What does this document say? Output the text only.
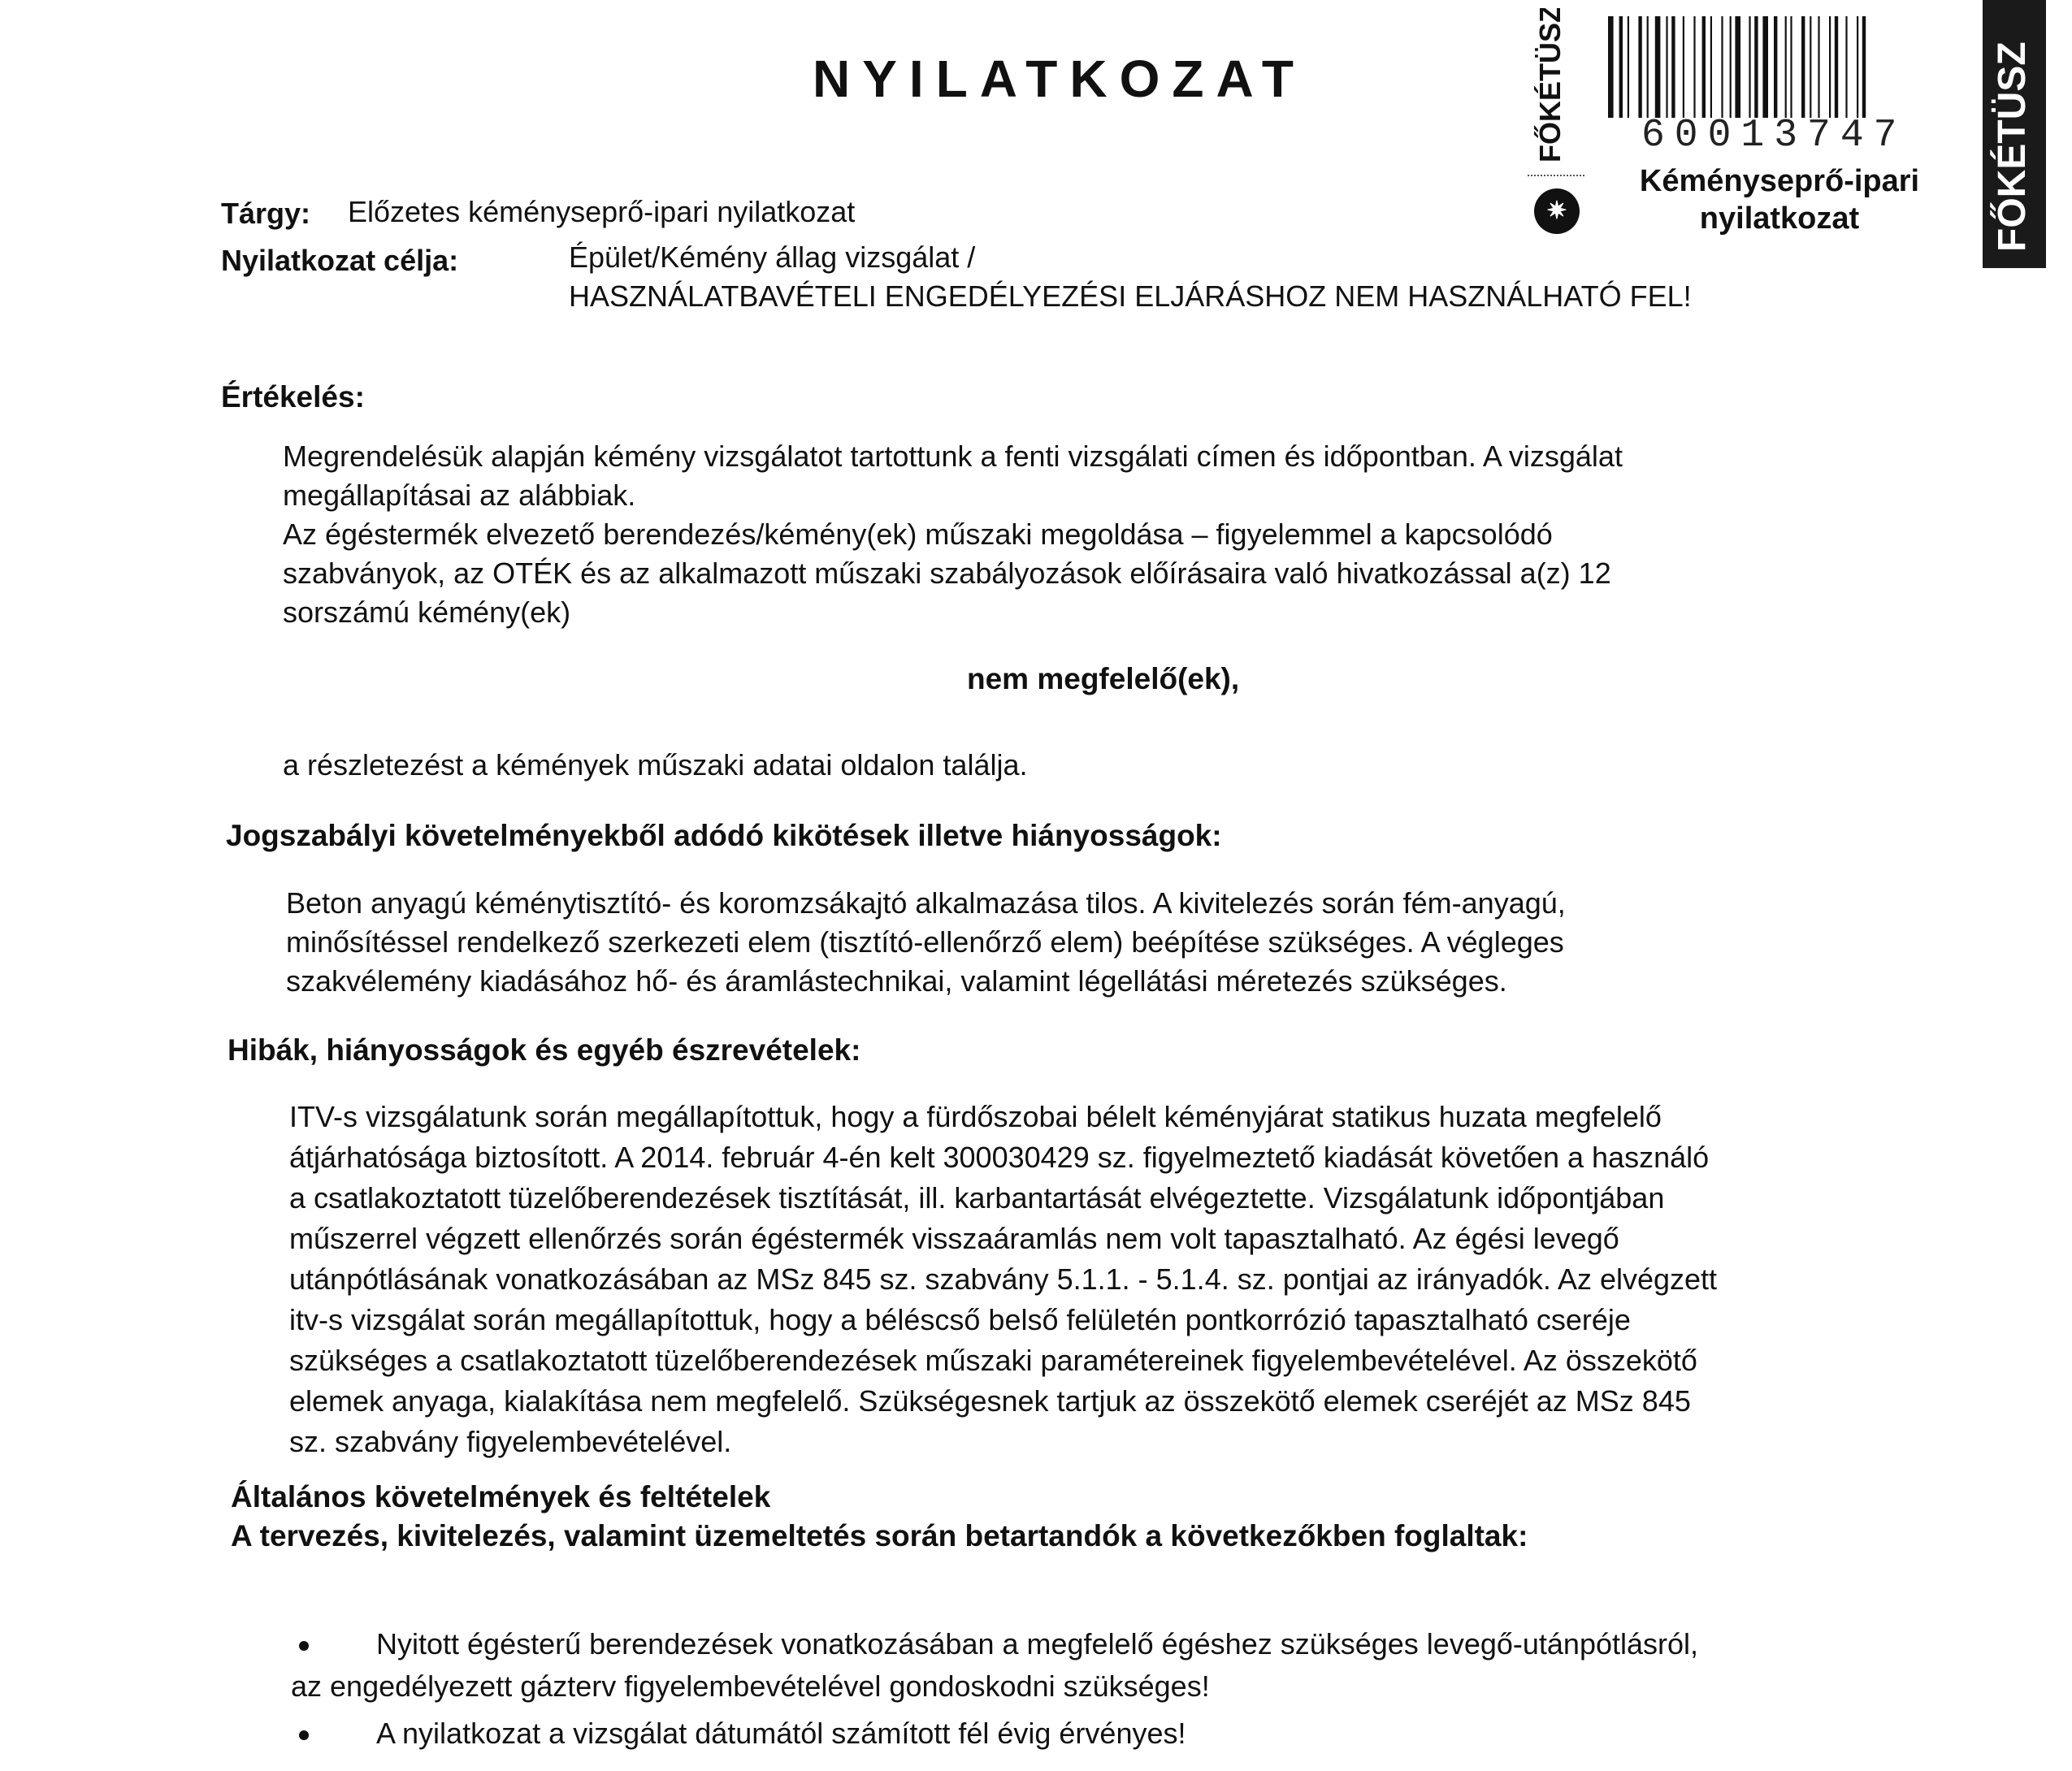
NYILATKOZAT	FŐKÉTÜSZ 60013747
✷
Kéményseprő-ipari
nyilatkozat	FŐKÉTÜSZ
Tárgy: Előzetes kéményseprő-ipari nyilatkozat
Nyilatkozat célja:	Épület/Kémény állag vizsgálat /
HASZNÁLATBAVÉTELI ENGEDÉLYEZÉSI ELJÁRÁSHOZ NEM HASZNÁLHATÓ FEL!
Értékelés:
Megrendelésük alapján kémény vizsgálatot tartottunk a fenti vizsgálati címen és időpontban. A vizsgálat
megállapításai az alábbiak.
Az égéstermék elvezető berendezés/kémény(ek) műszaki megoldása – figyelemmel a kapcsolódó
szabványok, az OTÉK és az alkalmazott műszaki szabályozások előírásaira való hivatkozással a(z) 12
sorszámú kémény(ek)
nem megfelelő(ek),
a részletezést a kémények műszaki adatai oldalon találja.
Jogszabályi követelményekből adódó kikötések illetve hiányosságok:
Beton anyagú kéménytisztító- és koromzsákajtó alkalmazása tilos. A kivitelezés során fém-anyagú,
minősítéssel rendelkező szerkezeti elem (tisztító-ellenőrző elem) beépítése szükséges. A végleges
szakvélemény kiadásához hő- és áramlástechnikai, valamint légellátási méretezés szükséges.
Hibák, hiányosságok és egyéb észrevételek:
ITV-s vizsgálatunk során megállapítottuk, hogy a fürdőszobai bélelt kéményjárat statikus huzata megfelelő
átjárhatósága biztosított. A 2014. február 4-én kelt 300030429 sz. figyelmeztető kiadását követően a használó
a csatlakoztatott tüzelőberendezések tisztítását, ill. karbantartását elvégeztette. Vizsgálatunk időpontjában
műszerrel végzett ellenőrzés során égéstermék visszaáramlás nem volt tapasztalható. Az égési levegő
utánpótlásának vonatkozásában az MSz 845 sz. szabvány 5.1.1. - 5.1.4. sz. pontjai az irányadók. Az elvégzett
itv-s vizsgálat során megállapítottuk, hogy a béléscső belső felületén pontkorrózió tapasztalható cseréje
szükséges a csatlakoztatott tüzelőberendezések műszaki paramétereinek figyelembevételével. Az összekötő
elemek anyaga, kialakítása nem megfelelő. Szükségesnek tartjuk az összekötő elemek cseréjét az MSz 845
sz. szabvány figyelembevételével.
Általános követelmények és feltételek
A tervezés, kivitelezés, valamint üzemeltetés során betartandók a következőkben foglaltak:
Nyitott égésterű berendezések vonatkozásában a megfelelő égéshez szükséges levegő-utánpótlásról,
az engedélyezett gázterv figyelembevételével gondoskodni szükséges!
A nyilatkozat a vizsgálat dátumától számított fél évig érvényes!
